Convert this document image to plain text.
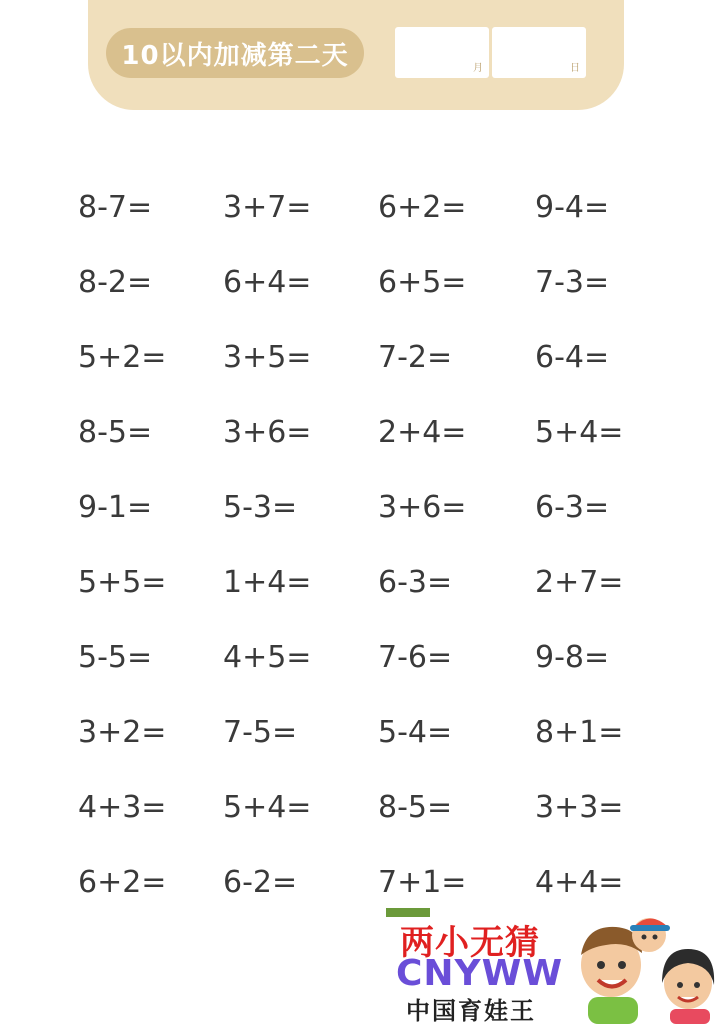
10以内加减第二天	月	日
8-7= 3+7= 6+2= 9-4=
8-2= 6+4= 6+5= 7-3=
5+2= 3+5= 7-2=	6-4=
8-5= 3+6= 2+4= 5+4=
9-1= 5-3=	3+6= 6-3=
5+5= 1+4= 6-3=	2+7=
5-5= 4+5= 7-6=	9-8=
3+2= 7-5=	5-4=	8+1=
4+3= 5+4= 8-5=	3+3=
6+2= 6-2=	7+1= 4+4=
两小无猜
CNYWW
中国育娃王
